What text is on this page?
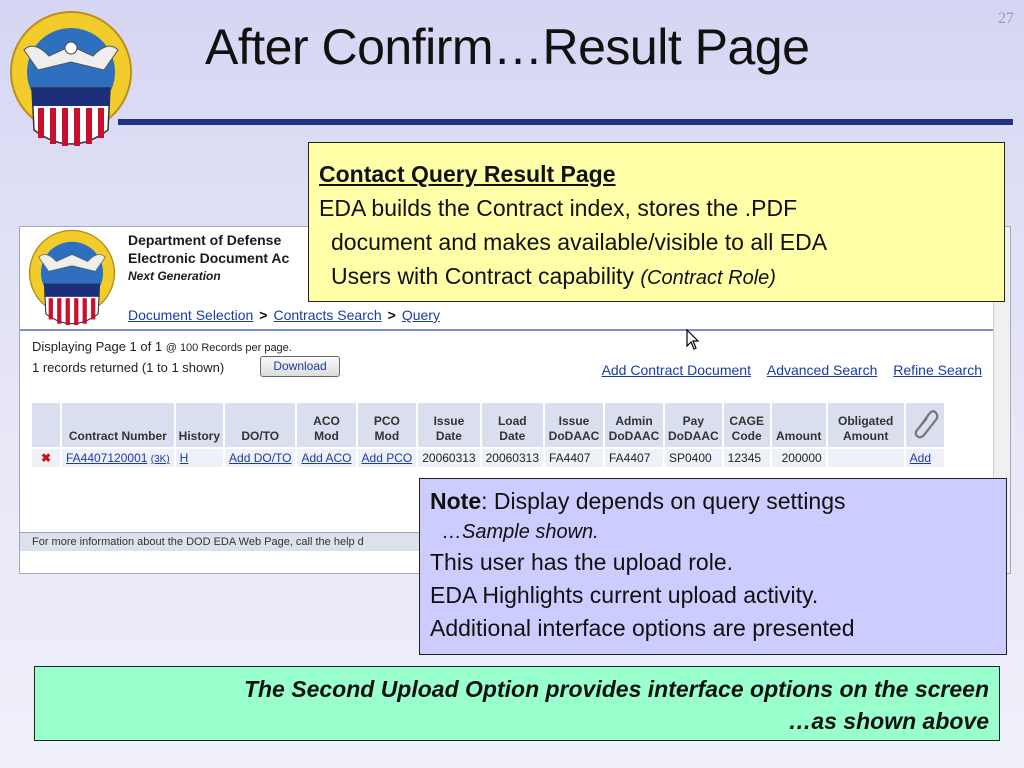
27
After Confirm…Result Page
Department of Defense
Electronic Document Ac
Next Generation
Document Selection > Contracts Search > Query
Displaying Page 1 of 1 @ 100 Records per page.
1 records returned (1 to 1 shown)	Download	Add Contract Document Advanced Search Refine Search
	Contract Number	History	DO/TO	ACO Mod	PCO Mod	Issue Date	Load Date	Issue DoDAAC	Admin DoDAAC	Pay DoDAAC	CAGE Code	Amount	Obligated Amount	
✖	FA4407120001 (3K)	H	Add DO/TO	Add ACO	Add PCO	20060313	20060313	FA4407	FA4407	SP0400	12345	200000		Add
For more information about the DOD EDA Web Page, call the help d
Contact Query Result Page
EDA builds the Contract index, stores the .PDF
document and makes available/visible to all EDA
Users with Contract capability (Contract Role)
Note: Display depends on query settings
…Sample shown.
This user has the upload role.
EDA Highlights current upload activity.
Additional interface options are presented
The Second Upload Option provides interface options on the screen
…as shown above
